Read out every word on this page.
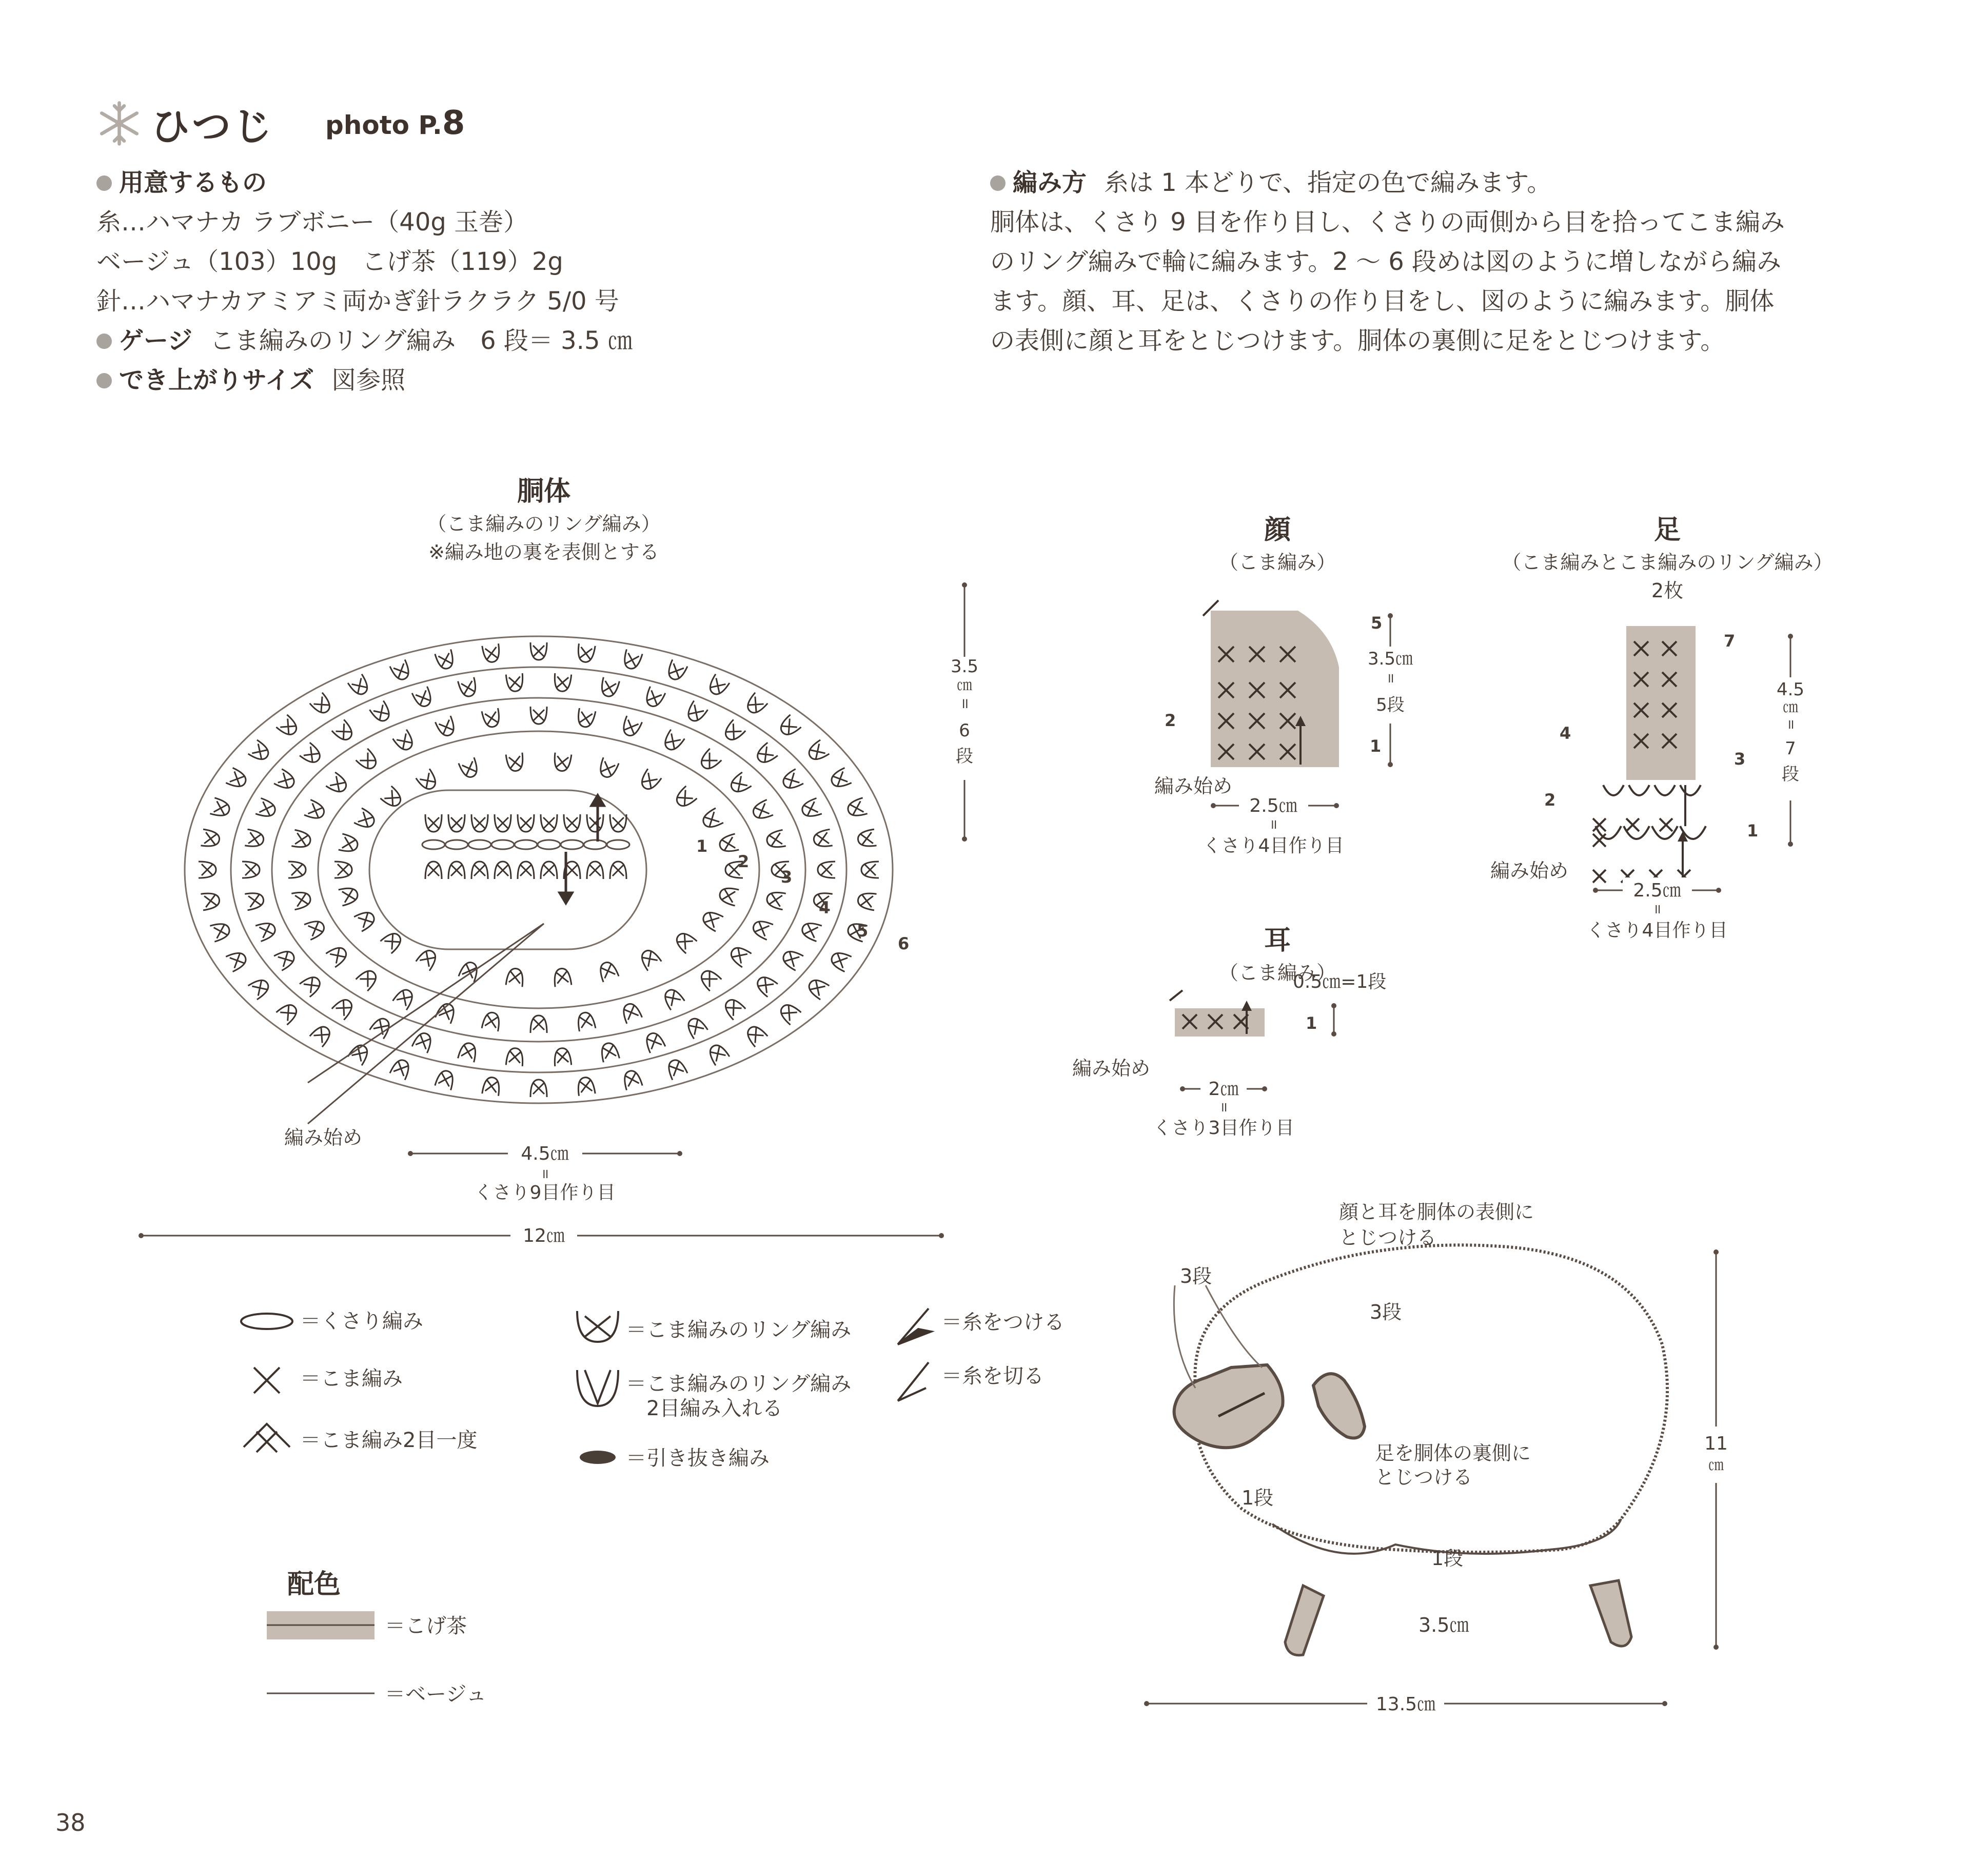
ひつじ photo P.8
用意するもの
糸…ハマナカ ラブボニー（40g 玉巻）
ベージュ（103）10g　こげ茶（119）2g
針…ハマナカアミアミ両かぎ針ラクラク 5/0 号
ゲージ こま編みのリング編み　6 段＝ 3.5 ㎝
でき上がりサイズ 図参照
編み方 糸は 1 本どりで、指定の色で編みます。
胴体は、くさり 9 目を作り目し、くさりの両側から目を拾ってこま編み
のリング編みで輪に編みます。2 ～ 6 段めは図のように増しながら編み
ます。顔、耳、足は、くさりの作り目をし、図のように編みます。胴体
の表側に顔と耳をとじつけます。胴体の裏側に足をとじつけます。
胴体
（こま編みのリング編み）
※編み地の裏を表側とする
1
2
3
4
5
6
3.5
㎝
॥
6
段
編み始め
4.5㎝
॥
くさり9目作り目
12㎝
顔
（こま編み）
5
2
1
3.5㎝
॥
5段
編み始め
2.5㎝
॥
くさり4目作り目
足
（こま編みとこま編みのリング編み）
2枚
7
4
3
2
1
4.5
㎝
॥
7
段
編み始め
2.5㎝
॥
くさり4目作り目
耳
（こま編み）
1
0.5㎝=1段
編み始め
2㎝
॥
くさり3目作り目
顔と耳を胴体の表側に
とじつける
3段
3段
足を胴体の裏側に
とじつける
1段
1段
3.5㎝
11
㎝
13.5㎝
＝くさり編み
＝こま編み
＝こま編み2目一度
＝こま編みのリング編み
＝こま編みのリング編み
2目編み入れる
＝引き抜き編み
＝糸をつける
＝糸を切る
配色
＝こげ茶
＝ベージュ
38
